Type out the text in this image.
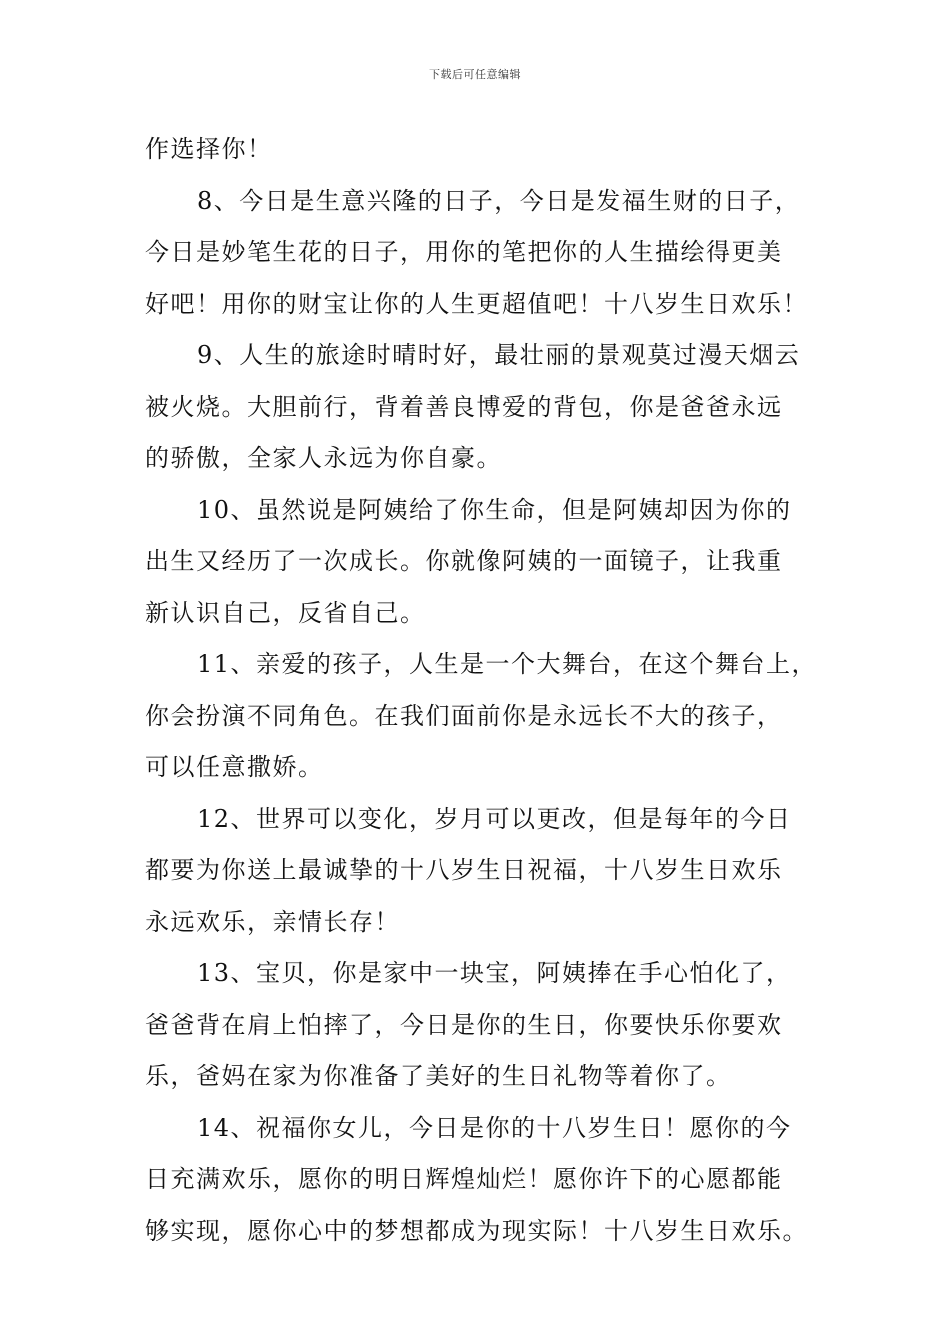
下载后可任意编辑
作选择你！
8、今日是生意兴隆的日子，今日是发福生财的日子，
今日是妙笔生花的日子，用你的笔把你的人生描绘得更美
好吧！用你的财宝让你的人生更超值吧！十八岁生日欢乐！
9、人生的旅途时晴时好，最壮丽的景观莫过漫天烟云
被火烧。大胆前行，背着善良博爱的背包，你是爸爸永远
的骄傲，全家人永远为你自豪。
10、虽然说是阿姨给了你生命，但是阿姨却因为你的
出生又经历了一次成长。你就像阿姨的一面镜子，让我重
新认识自己，反省自己。
11、亲爱的孩子，人生是一个大舞台，在这个舞台上，
你会扮演不同角色。在我们面前你是永远长不大的孩子，
可以任意撒娇。
12、世界可以变化，岁月可以更改，但是每年的今日
都要为你送上最诚挚的十八岁生日祝福，十八岁生日欢乐
永远欢乐，亲情长存！
13、宝贝，你是家中一块宝，阿姨捧在手心怕化了，
爸爸背在肩上怕摔了，今日是你的生日，你要快乐你要欢
乐，爸妈在家为你准备了美好的生日礼物等着你了。
14、祝福你女儿，今日是你的十八岁生日！愿你的今
日充满欢乐，愿你的明日辉煌灿烂！愿你许下的心愿都能
够实现，愿你心中的梦想都成为现实际！十八岁生日欢乐。
